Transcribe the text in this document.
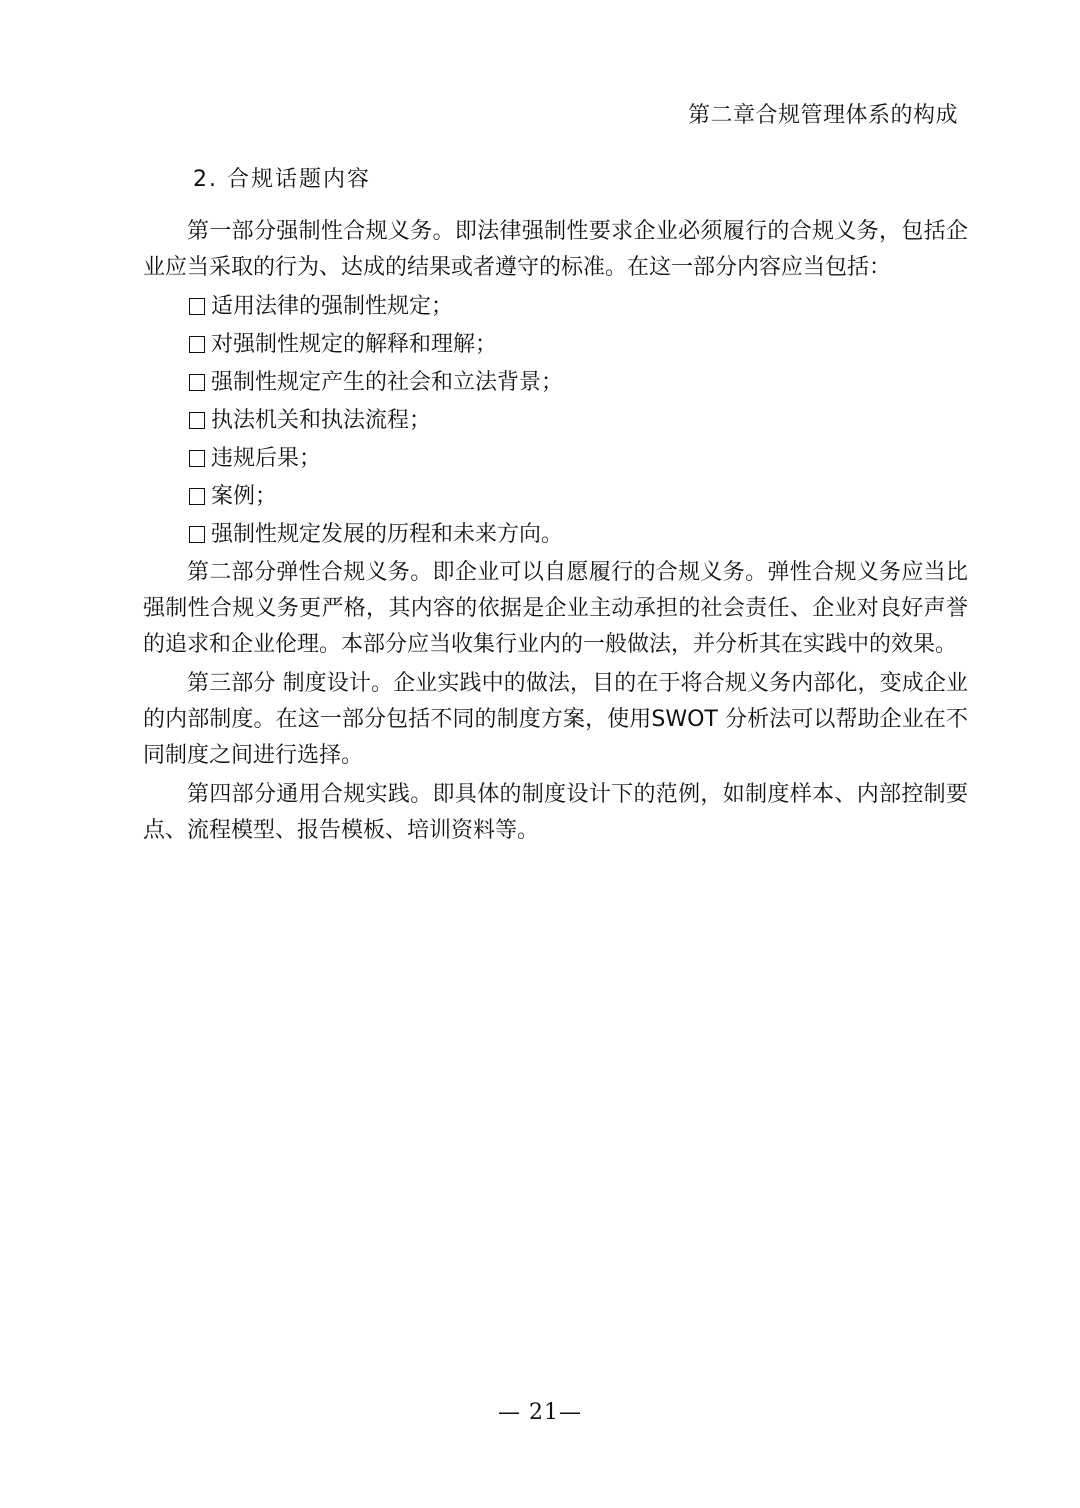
第二章合规管理体系的构成
2. 合规话题内容

第一部分强制性合规义务。即法律强制性要求企业必须履行的合规义务，包括企业应当采取的行为、达成的结果或者遵守的标准。在这一部分内容应当包括：

适用法律的强制性规定；
对强制性规定的解释和理解；
强制性规定产生的社会和立法背景；
执法机关和执法流程；
违规后果；
案例；
强制性规定发展的历程和未来方向。

第二部分弹性合规义务。即企业可以自愿履行的合规义务。弹性合规义务应当比强制性合规义务更严格，其内容的依据是企业主动承担的社会责任、企业对良好声誉的追求和企业伦理。本部分应当收集行业内的一般做法，并分析其在实践中的效果。

第三部分 制度设计。企业实践中的做法，目的在于将合规义务内部化，变成企业的内部制度。在这一部分包括不同的制度方案，使用SWOT 分析法可以帮助企业在不同制度之间进行选择。

第四部分通用合规实践。即具体的制度设计下的范例，如制度样本、内部控制要点、流程模型、报告模板、培训资料等。

— 21—
